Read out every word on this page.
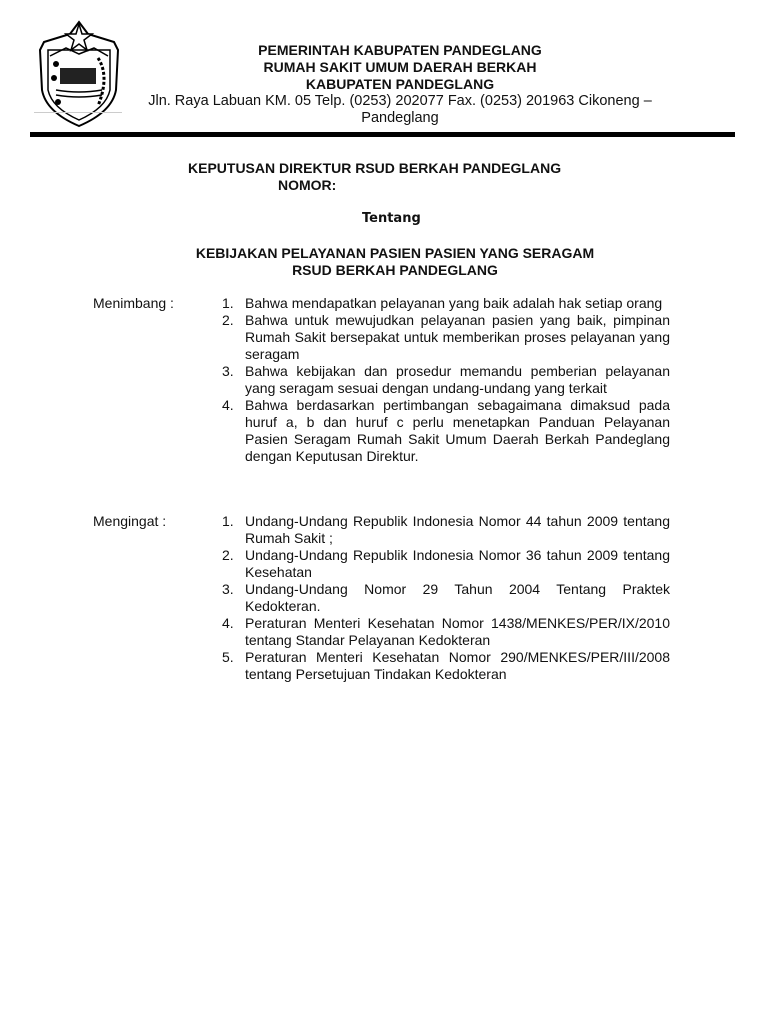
PEMERINTAH KABUPATEN PANDEGLANG
RUMAH SAKIT UMUM DAERAH BERKAH
KABUPATEN PANDEGLANG
Jln. Raya Labuan KM. 05 Telp. (0253) 202077 Fax. (0253) 201963 Cikoneng –
Pandeglang
KEPUTUSAN DIREKTUR RSUD BERKAH PANDEGLANG
NOMOR:
Tentang
KEBIJAKAN PELAYANAN PASIEN PASIEN YANG SERAGAM
RSUD BERKAH PANDEGLANG
Menimbang :	1. Bahwa mendapatkan pelayanan yang baik adalah hak setiap orang
2. Bahwa untuk mewujudkan pelayanan pasien yang baik, pimpinan Rumah Sakit bersepakat untuk memberikan proses pelayanan yang seragam
3. Bahwa kebijakan dan prosedur memandu pemberian pelayanan yang seragam sesuai dengan undang-undang yang terkait
4. Bahwa berdasarkan pertimbangan sebagaimana dimaksud pada huruf a, b dan huruf c perlu menetapkan Panduan Pelayanan Pasien Seragam Rumah Sakit Umum Daerah Berkah Pandeglang dengan Keputusan Direktur.
Mengingat :	1. Undang-Undang Republik Indonesia Nomor 44 tahun 2009 tentang Rumah Sakit ;
2. Undang-Undang Republik Indonesia Nomor 36 tahun 2009 tentang Kesehatan
3. Undang-Undang Nomor 29 Tahun 2004 Tentang Praktek Kedokteran.
4. Peraturan Menteri Kesehatan Nomor 1438/MENKES/PER/IX/2010 tentang Standar Pelayanan Kedokteran
5. Peraturan Menteri Kesehatan Nomor 290/MENKES/PER/III/2008 tentang Persetujuan Tindakan Kedokteran
